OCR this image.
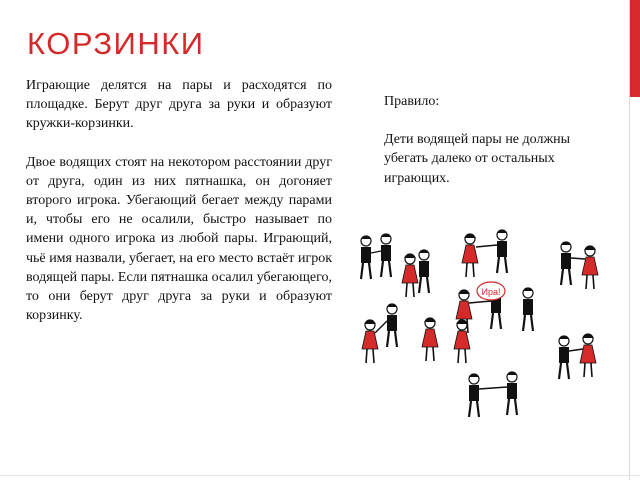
КОРЗИНКИ

Играющие делятся на пары и расходятся по площадке. Берут друг друга за руки и образуют кружки-корзинки.

Двое водящих стоят на некотором расстоянии друг от друга, один из них пятнашка, он догоняет второго игрока. Убегающий бегает между парами и, чтобы его не осалили, быстро называет по имени одного игрока из любой пары. Играющий, чьё имя назвали, убегает, на его место встаёт игрок водящей пары. Если пятнашка осалил убегающего, то они берут друг друга за руки и образуют корзинку.

Правило:

Дети водящей пары не должны убегать далеко от остальных играющих.

Ирa!
